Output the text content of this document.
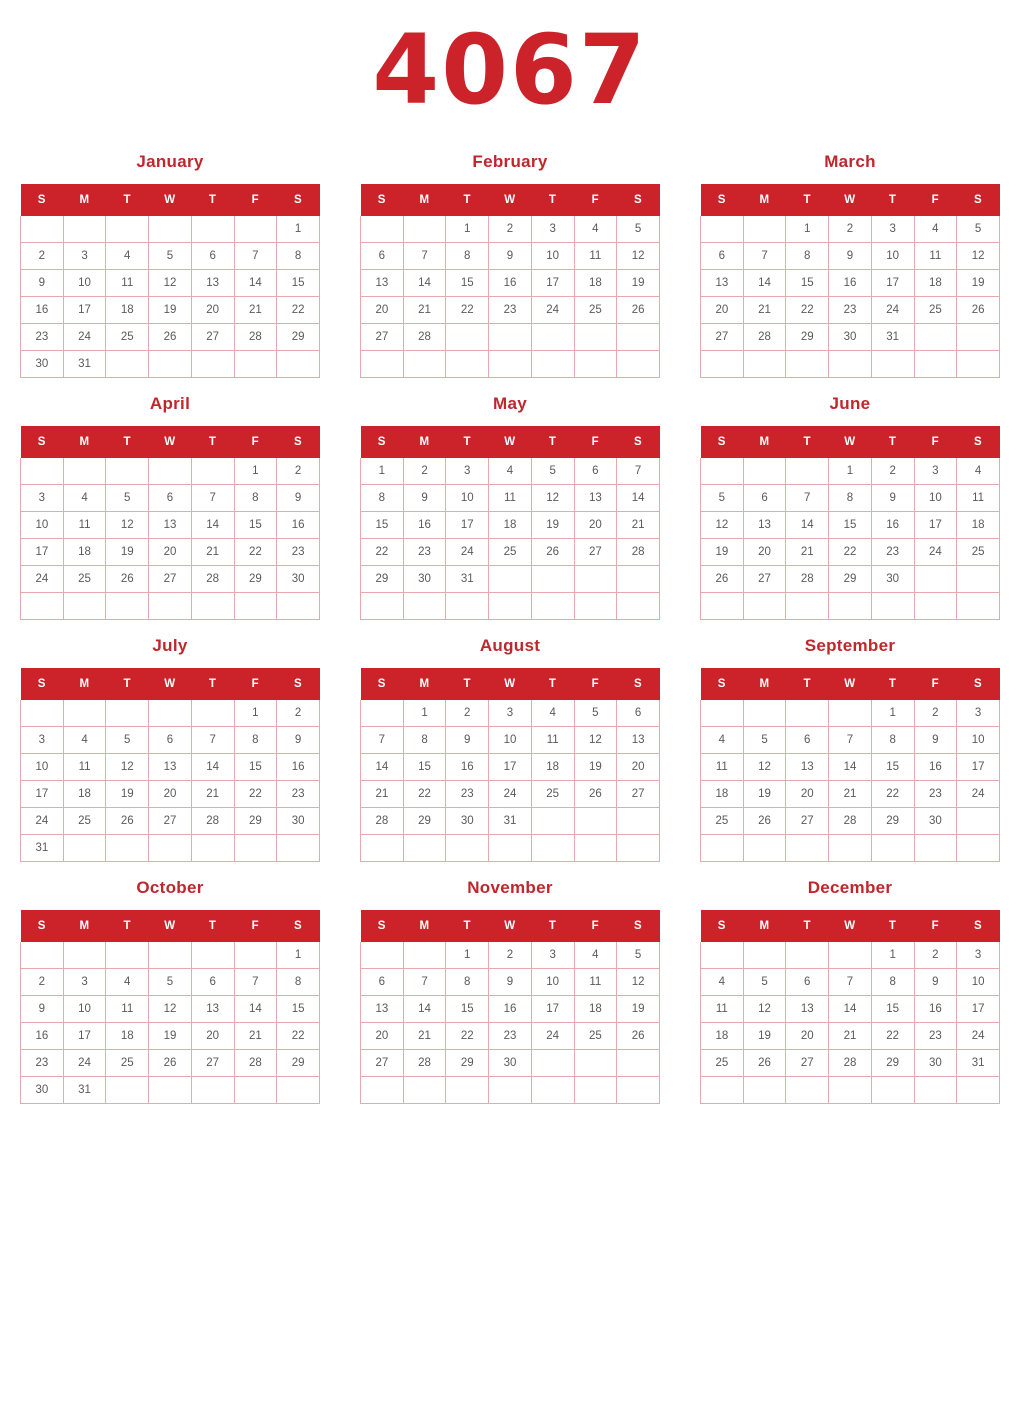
4067
January
S	M	T	W	T	F	S
						1
2	3	4	5	6	7	8
9	10	11	12	13	14	15
16	17	18	19	20	21	22
23	24	25	26	27	28	29
30	31					
February
S	M	T	W	T	F	S
		1	2	3	4	5
6	7	8	9	10	11	12
13	14	15	16	17	18	19
20	21	22	23	24	25	26
27	28					

March
S	M	T	W	T	F	S
		1	2	3	4	5
6	7	8	9	10	11	12
13	14	15	16	17	18	19
20	21	22	23	24	25	26
27	28	29	30	31		

April
S	M	T	W	T	F	S
					1	2
3	4	5	6	7	8	9
10	11	12	13	14	15	16
17	18	19	20	21	22	23
24	25	26	27	28	29	30

May
S	M	T	W	T	F	S
1	2	3	4	5	6	7
8	9	10	11	12	13	14
15	16	17	18	19	20	21
22	23	24	25	26	27	28
29	30	31				

June
S	M	T	W	T	F	S
			1	2	3	4
5	6	7	8	9	10	11
12	13	14	15	16	17	18
19	20	21	22	23	24	25
26	27	28	29	30		

July
S	M	T	W	T	F	S
					1	2
3	4	5	6	7	8	9
10	11	12	13	14	15	16
17	18	19	20	21	22	23
24	25	26	27	28	29	30
31						
August
S	M	T	W	T	F	S
	1	2	3	4	5	6
7	8	9	10	11	12	13
14	15	16	17	18	19	20
21	22	23	24	25	26	27
28	29	30	31			

September
S	M	T	W	T	F	S
				1	2	3
4	5	6	7	8	9	10
11	12	13	14	15	16	17
18	19	20	21	22	23	24
25	26	27	28	29	30	

October
S	M	T	W	T	F	S
						1
2	3	4	5	6	7	8
9	10	11	12	13	14	15
16	17	18	19	20	21	22
23	24	25	26	27	28	29
30	31					
November
S	M	T	W	T	F	S
		1	2	3	4	5
6	7	8	9	10	11	12
13	14	15	16	17	18	19
20	21	22	23	24	25	26
27	28	29	30			

December
S	M	T	W	T	F	S
				1	2	3
4	5	6	7	8	9	10
11	12	13	14	15	16	17
18	19	20	21	22	23	24
25	26	27	28	29	30	31
